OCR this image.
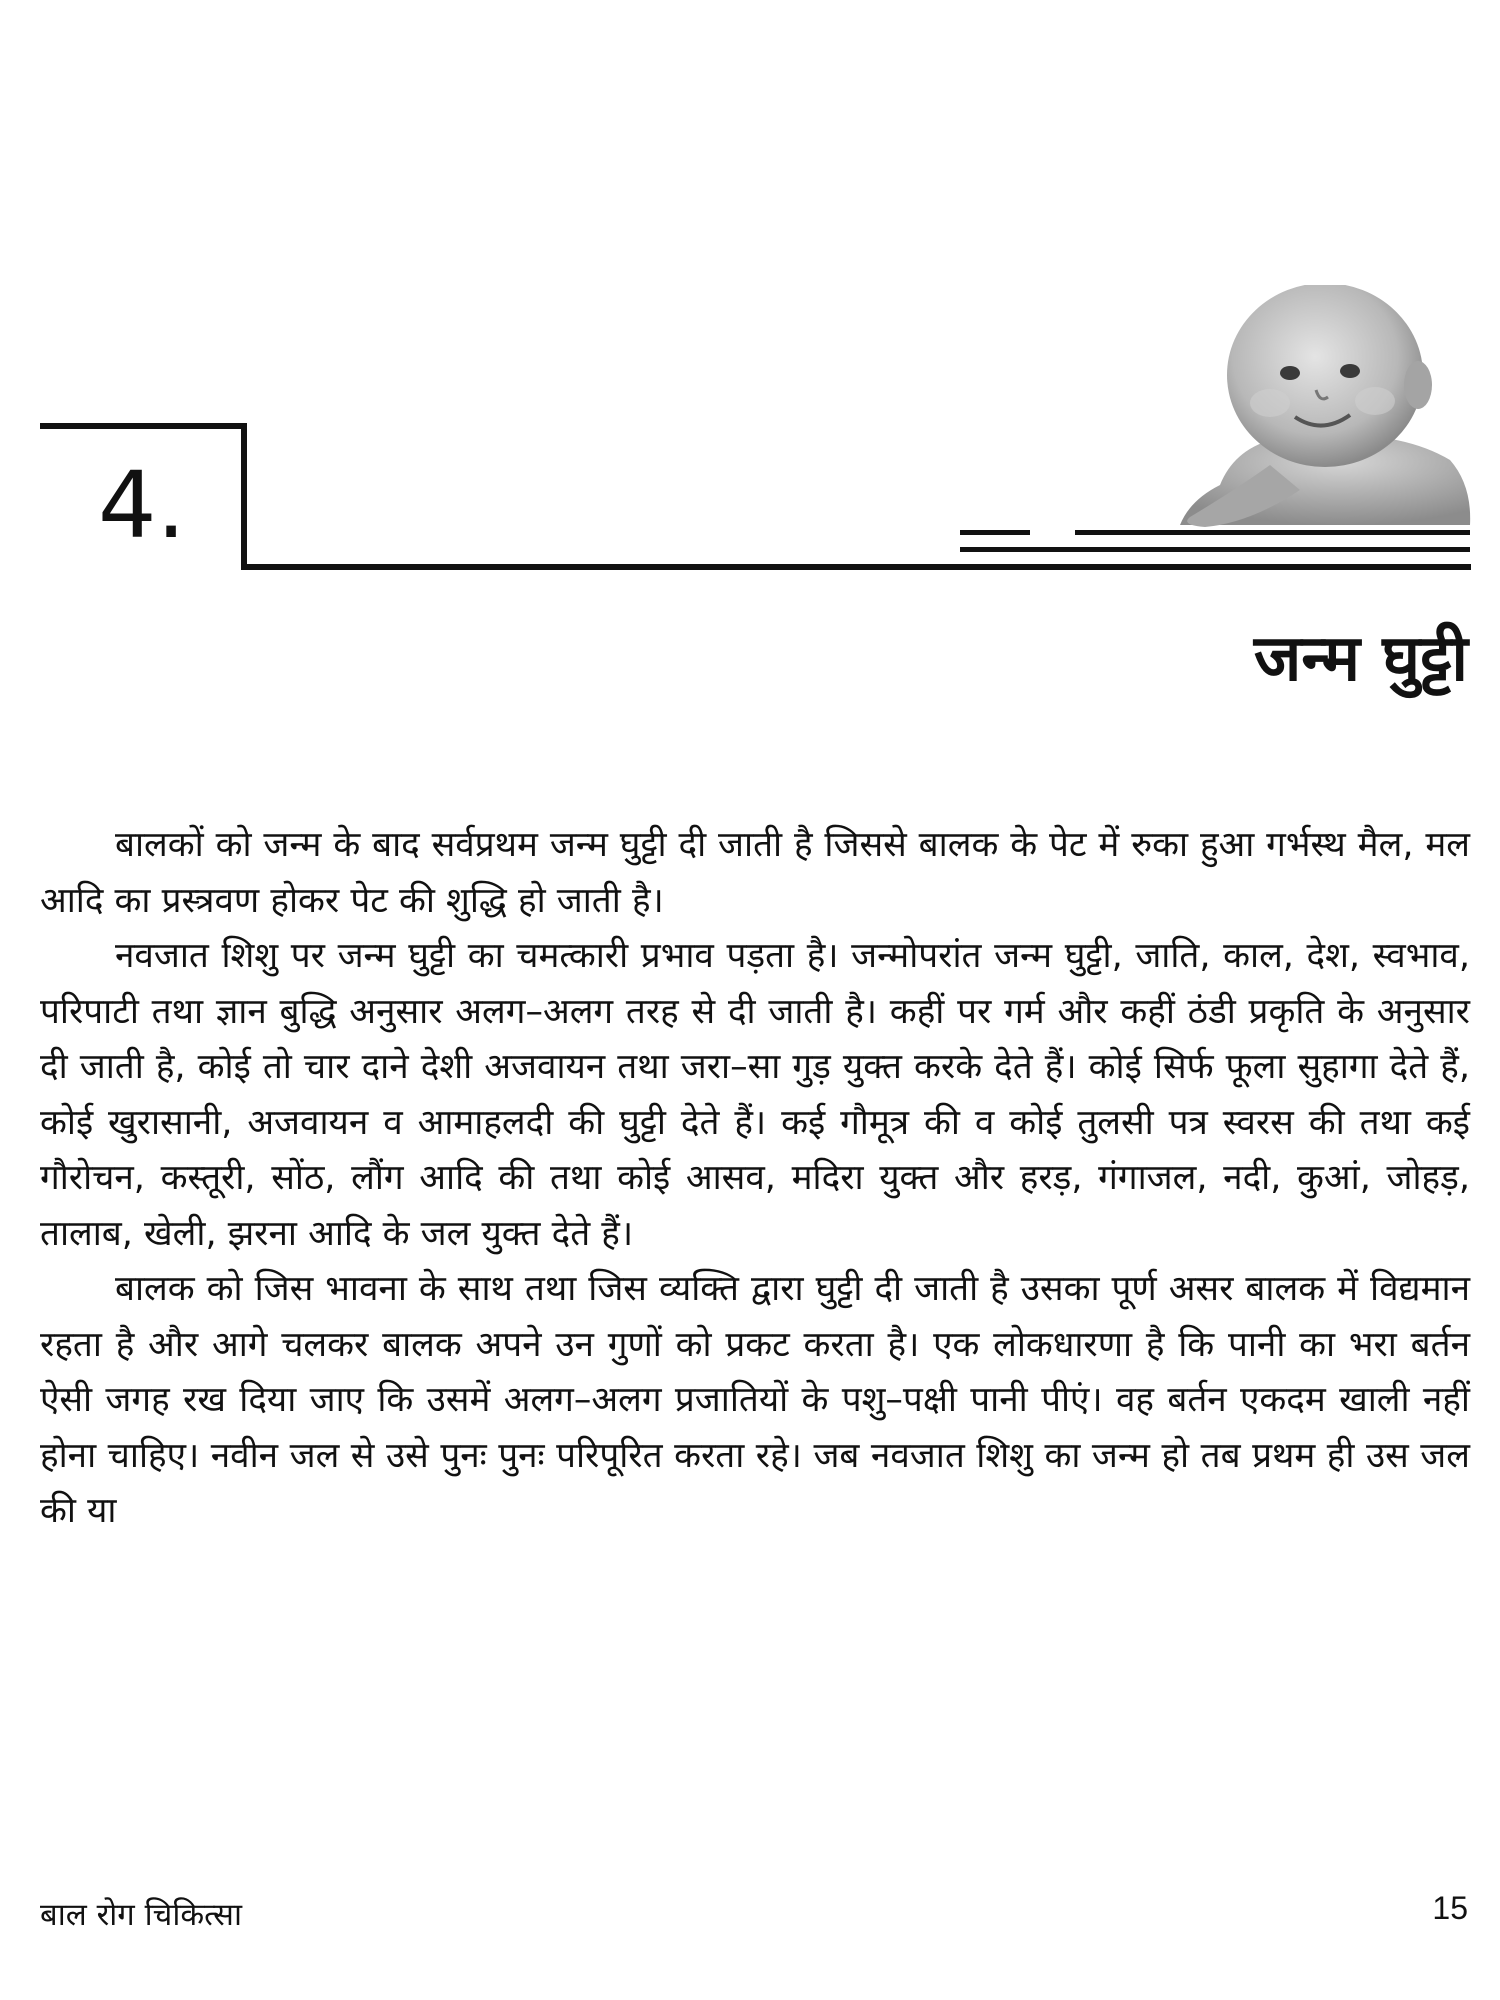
4.
जन्म घुट्टी

बालकों को जन्म के बाद सर्वप्रथम जन्म घुट्टी दी जाती है जिससे बालक के पेट में रुका हुआ गर्भस्थ मैल, मल आदि का प्रस्त्रवण होकर पेट की शुद्धि हो जाती है।

नवजात शिशु पर जन्म घुट्टी का चमत्कारी प्रभाव पड़ता है। जन्मोपरांत जन्म घुट्टी, जाति, काल, देश, स्वभाव, परिपाटी तथा ज्ञान बुद्धि अनुसार अलग–अलग तरह से दी जाती है। कहीं पर गर्म और कहीं ठंडी प्रकृति के अनुसार दी जाती है, कोई तो चार दाने देशी अजवायन तथा जरा–सा गुड़ युक्त करके देते हैं। कोई सिर्फ फूला सुहागा देते हैं, कोई खुरासानी, अजवायन व आमाहलदी की घुट्टी देते हैं। कई गौमूत्र की व कोई तुलसी पत्र स्वरस की तथा कई गौरोचन, कस्तूरी, सोंठ, लौंग आदि की तथा कोई आसव, मदिरा युक्त और हरड़, गंगाजल, नदी, कुआं, जोहड़, तालाब, खेली, झरना आदि के जल युक्त देते हैं।

बालक को जिस भावना के साथ तथा जिस व्यक्ति द्वारा घुट्टी दी जाती है उसका पूर्ण असर बालक में विद्यमान रहता है और आगे चलकर बालक अपने उन गुणों को प्रकट करता है। एक लोकधारणा है कि पानी का भरा बर्तन ऐसी जगह रख दिया जाए कि उसमें अलग–अलग प्रजातियों के पशु–पक्षी पानी पीएं। वह बर्तन एकदम खाली नहीं होना चाहिए। नवीन जल से उसे पुनः पुनः परिपूरित करता रहे। जब नवजात शिशु का जन्म हो तब प्रथम ही उस जल की या

बाल रोग चिकित्सा	15
